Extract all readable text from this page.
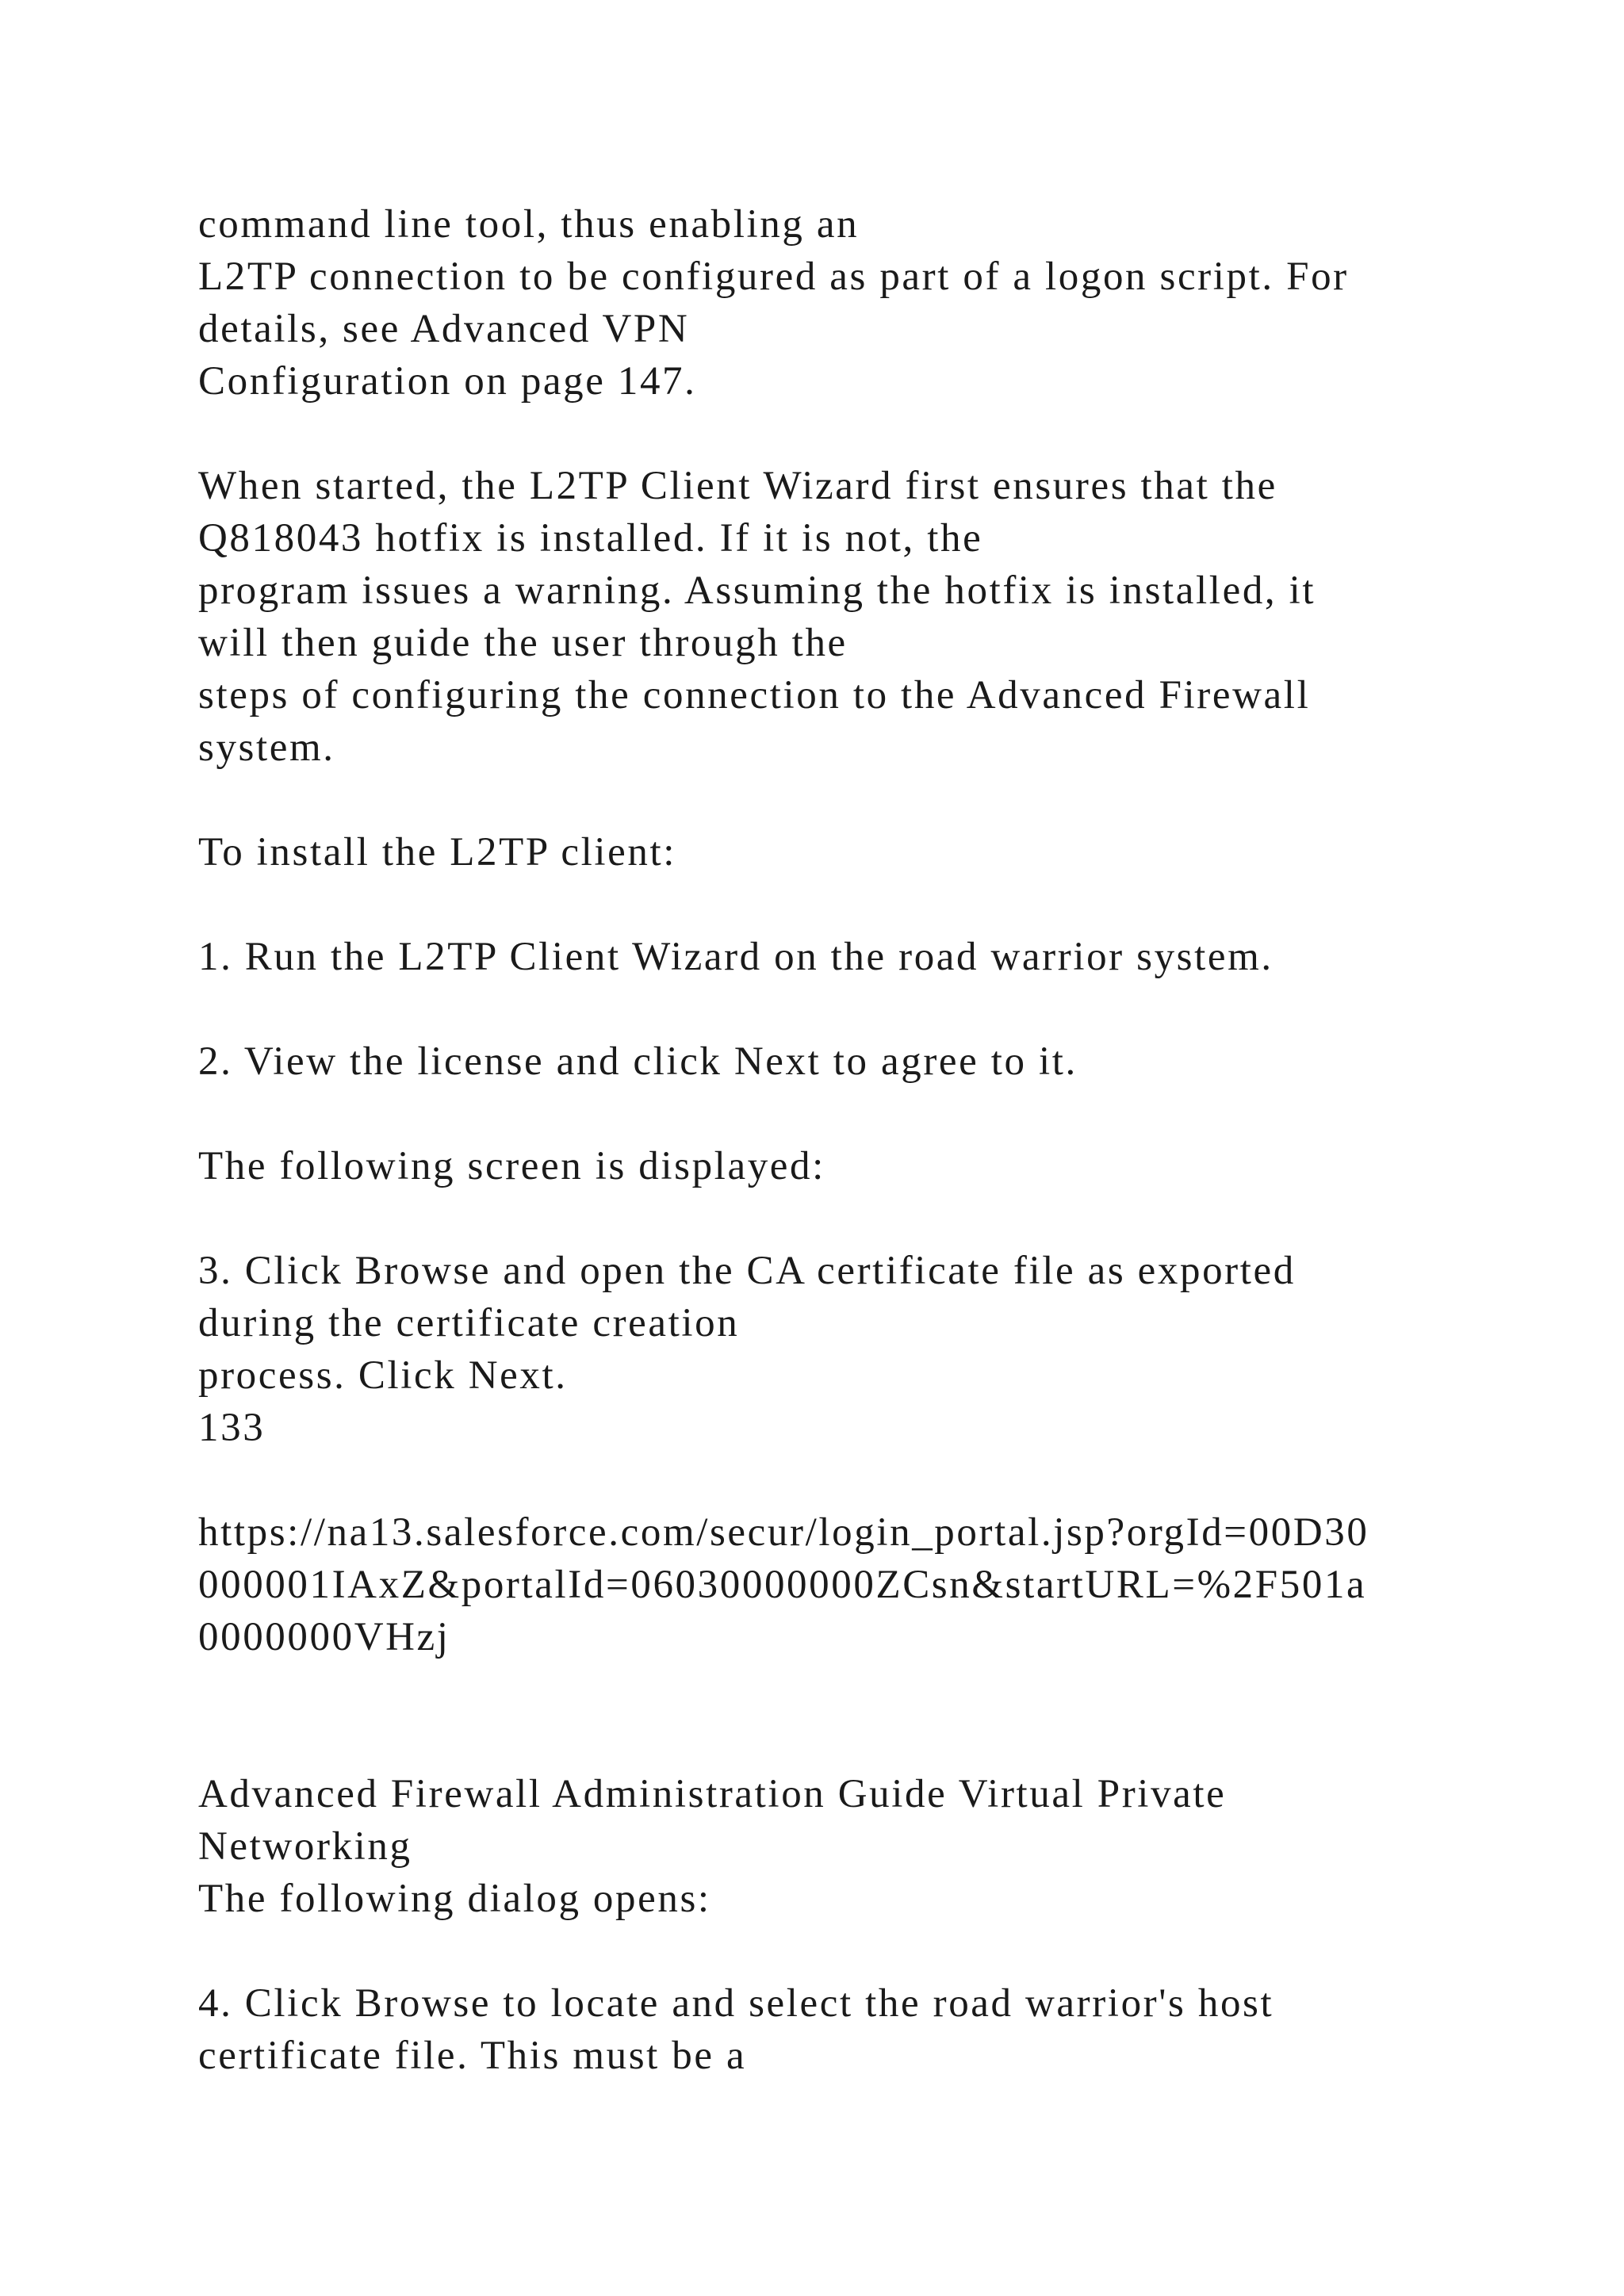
command line tool, thus enabling an
L2TP connection to be configured as part of a logon script. For
details, see Advanced VPN
Configuration on page 147.
When started, the L2TP Client Wizard first ensures that the
Q818043 hotfix is installed. If it is not, the
program issues a warning. Assuming the hotfix is installed, it
will then guide the user through the
steps of configuring the connection to the Advanced Firewall
system.
To install the L2TP client:
1. Run the L2TP Client Wizard on the road warrior system.
2. View the license and click Next to agree to it.
The following screen is displayed:
3. Click Browse and open the CA certificate file as exported
during the certificate creation
process. Click Next.
133
https://na13.salesforce.com/secur/login_portal.jsp?orgId=00D30
000001IAxZ&portalId=06030000000ZCsn&startURL=%2F501a
0000000VHzj
Advanced Firewall Administration Guide Virtual Private
Networking
The following dialog opens:
4. Click Browse to locate and select the road warrior's host
certificate file. This must be a
